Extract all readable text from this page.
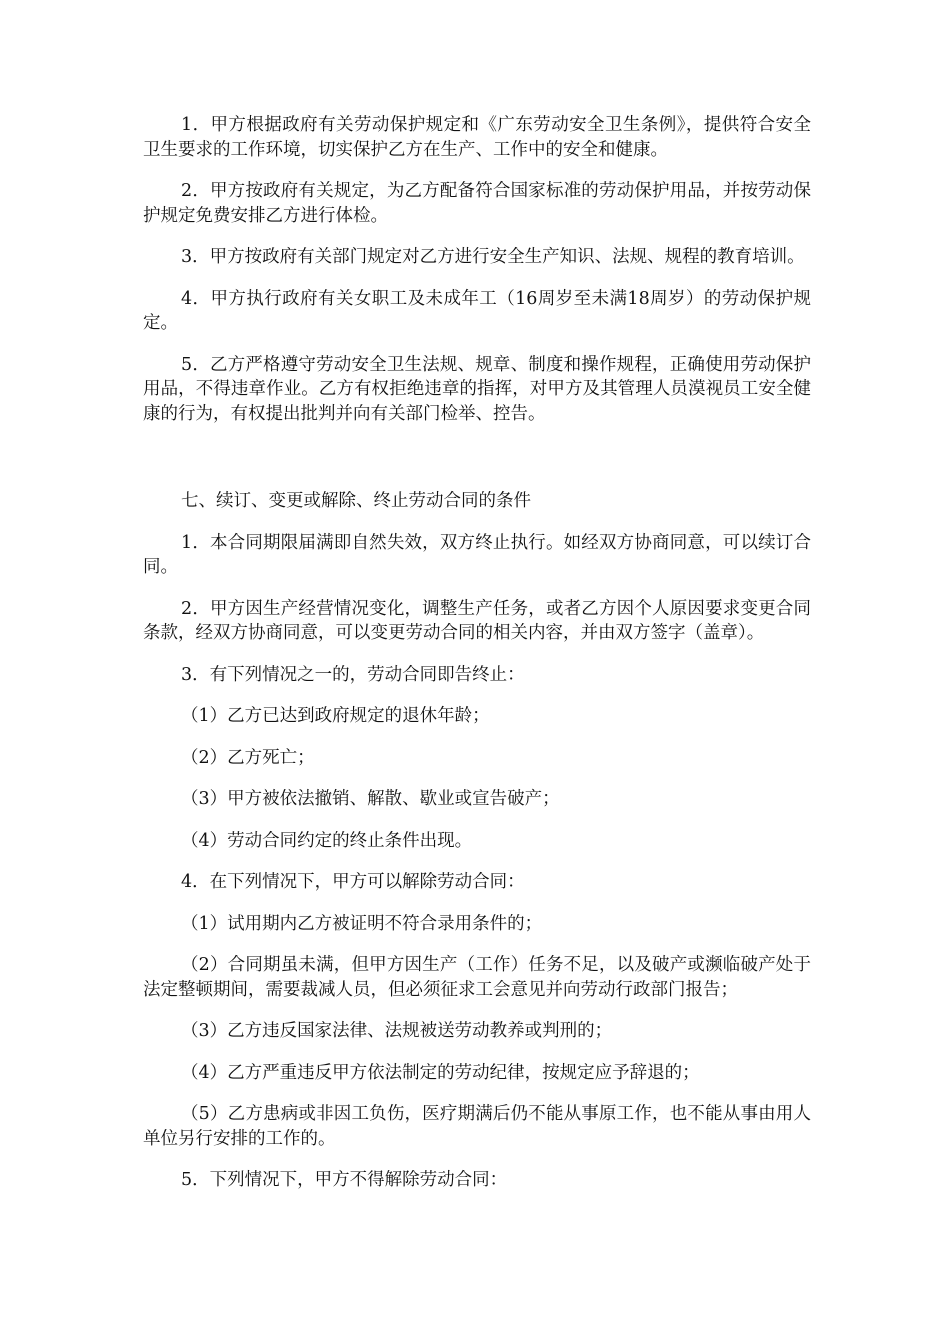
1．甲方根据政府有关劳动保护规定和《广东劳动安全卫生条例》，提供符合安全卫生要求的工作环境，切实保护乙方在生产、工作中的安全和健康。

2．甲方按政府有关规定，为乙方配备符合国家标准的劳动保护用品，并按劳动保护规定免费安排乙方进行体检。

3．甲方按政府有关部门规定对乙方进行安全生产知识、法规、规程的教育培训。

4．甲方执行政府有关女职工及未成年工（16周岁至未满18周岁）的劳动保护规定。

5．乙方严格遵守劳动安全卫生法规、规章、制度和操作规程，正确使用劳动保护用品，不得违章作业。乙方有权拒绝违章的指挥，对甲方及其管理人员漠视员工安全健康的行为，有权提出批判并向有关部门检举、控告。

七、续订、变更或解除、终止劳动合同的条件

1．本合同期限届满即自然失效，双方终止执行。如经双方协商同意，可以续订合同。

2．甲方因生产经营情况变化，调整生产任务，或者乙方因个人原因要求变更合同条款，经双方协商同意，可以变更劳动合同的相关内容，并由双方签字（盖章）。

3．有下列情况之一的，劳动合同即告终止：

（1）乙方已达到政府规定的退休年龄；

（2）乙方死亡；

（3）甲方被依法撤销、解散、歇业或宣告破产；

（4）劳动合同约定的终止条件出现。

4．在下列情况下，甲方可以解除劳动合同：

（1）试用期内乙方被证明不符合录用条件的；

（2）合同期虽未满，但甲方因生产（工作）任务不足，以及破产或濒临破产处于法定整顿期间，需要裁减人员，但必须征求工会意见并向劳动行政部门报告；

（3）乙方违反国家法律、法规被送劳动教养或判刑的；

（4）乙方严重违反甲方依法制定的劳动纪律，按规定应予辞退的；

（5）乙方患病或非因工负伤，医疗期满后仍不能从事原工作，也不能从事由用人单位另行安排的工作的。

5．下列情况下，甲方不得解除劳动合同：
